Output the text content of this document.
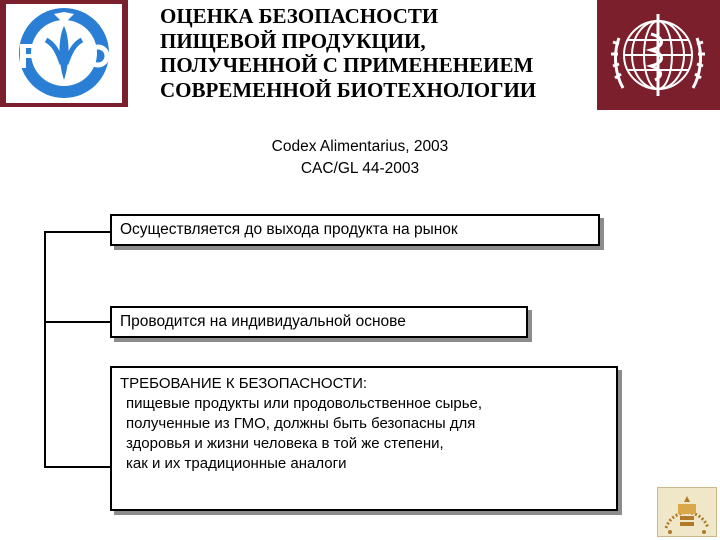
ОЦЕНКА БЕЗОПАСНОСТИ
ПИЩЕВОЙ ПРОДУКЦИИ,
ПОЛУЧЕННОЙ С ПРИМЕНЕНЕИЕМ
СОВРЕМЕННОЙ БИОТЕХНОЛОГИИ
Codex Alimentarius, 2003
CAC/GL 44-2003
Осуществляется до выхода продукта на рынок
Проводится на индивидуальной основе
ТРЕБОВАНИЕ К БЕЗОПАСНОСТИ:
пищевые продукты или продовольственное сырье,
полученные из ГМО, должны быть безопасны для
здоровья и жизни человека в той же степени,
как и их традиционные аналоги
